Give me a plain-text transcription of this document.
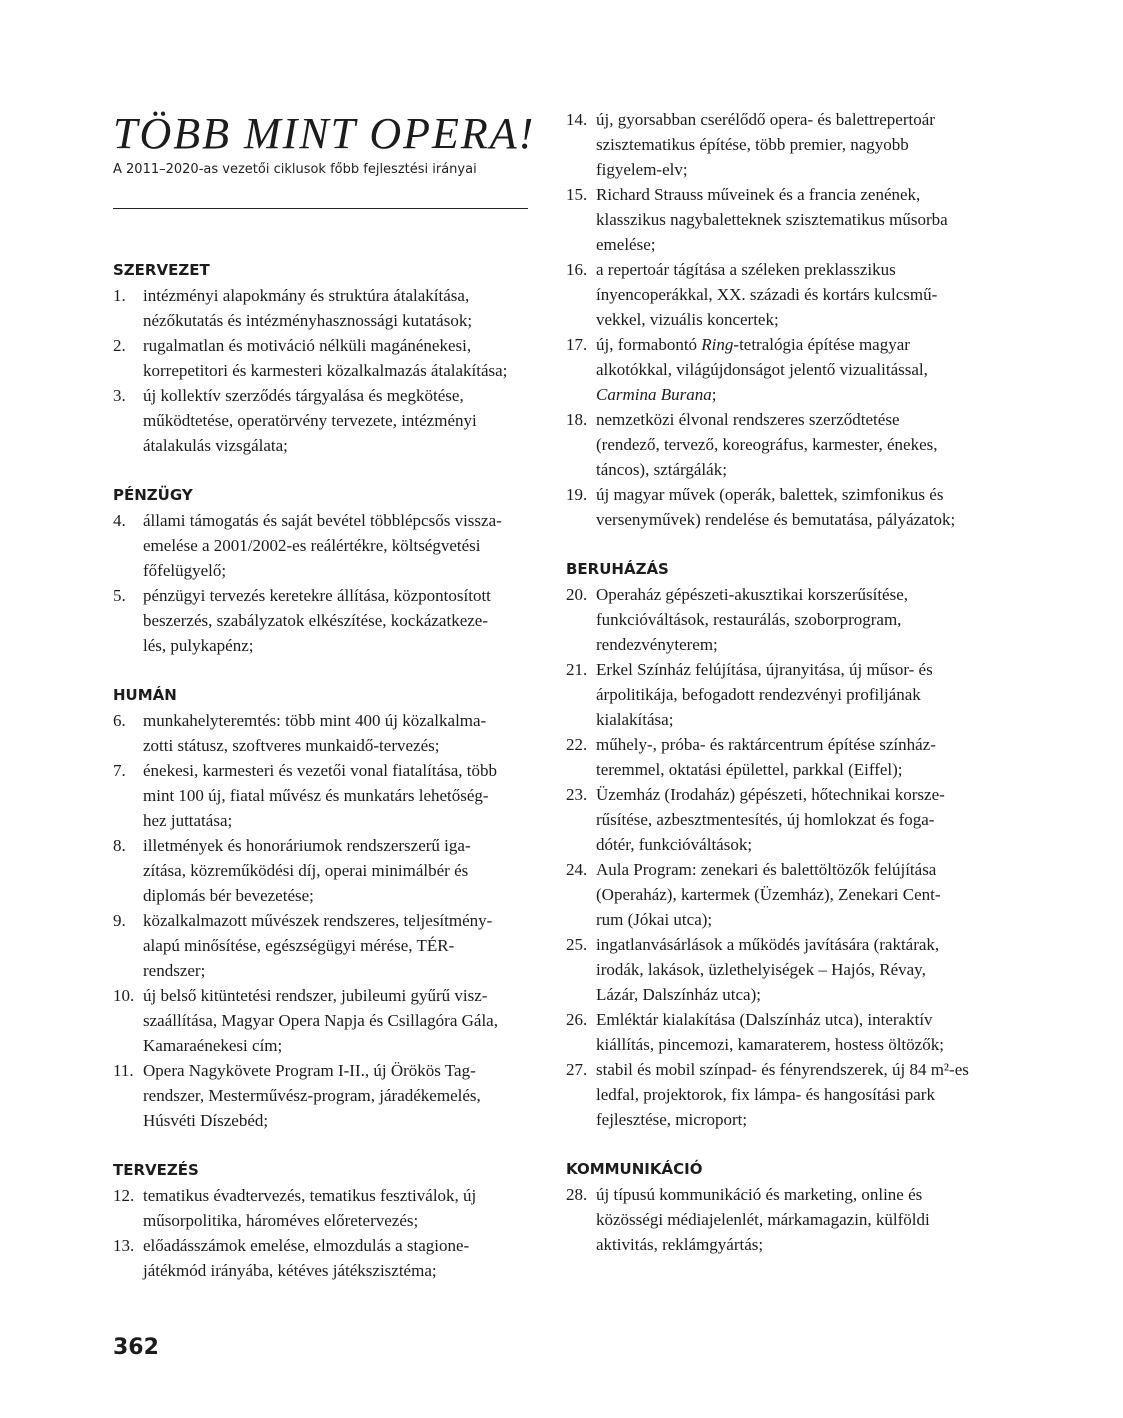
TÖBB MINT OPERA!

A 2011–2020-as vezetői ciklusok főbb fejlesztési irányai

SZERVEZET
1. intézményi alapokmány és struktúra átalakítása,
nézőkutatás és intézményhasznossági kutatások;
2. rugalmatlan és motiváció nélküli magánénekesi,
korrepetitori és karmesteri közalkalmazás átalakítása;
3. új kollektív szerződés tárgyalása és megkötése,
működtetése, operatörvény tervezete, intézményi
átalakulás vizsgálata;
PÉNZÜGY
4. állami támogatás és saját bevétel többlépcsős vissza-
emelése a 2001/2002-es reálértékre, költségvetési
főfelügyelő;
5. pénzügyi tervezés keretekre állítása, központosított
beszerzés, szabályzatok elkészítése, kockázatkeze-
lés, pulykapénz;
HUMÁN
6. munkahelyteremtés: több mint 400 új közalkalma-
zotti státusz, szoftveres munkaidő-tervezés;
7. énekesi, karmesteri és vezetői vonal fiatalítása, több
mint 100 új, fiatal művész és munkatárs lehetőség-
hez juttatása;
8. illetmények és honoráriumok rendszerszerű iga-
zítása, közreműködési díj, operai minimálbér és
diplomás bér bevezetése;
9. közalkalmazott művészek rendszeres, teljesítmény-
alapú minősítése, egészségügyi mérése, TÉR-
rendszer;
10. új belső kitüntetési rendszer, jubileumi gyűrű visz-
szaállítása, Magyar Opera Napja és Csillagóra Gála,
Kamaraénekesi cím;
11. Opera Nagykövete Program I-II., új Örökös Tag-
rendszer, Mesterművész-program, járadékemelés,
Húsvéti Díszebéd;
TERVEZÉS
12. tematikus évadtervezés, tematikus fesztiválok, új
műsorpolitika, hároméves előretervezés;
13. előadásszámok emelése, elmozdulás a stagione-
játékmód irányába, kétéves játékszisztéma;
14. új, gyorsabban cserélődő opera- és balettrepertoár
szisztematikus építése, több premier, nagyobb
figyelem-elv;
15. Richard Strauss műveinek és a francia zenének,
klasszikus nagybaletteknek szisztematikus műsorba
emelése;
16. a repertoár tágítása a széleken preklasszikus
ínyencoperákkal, XX. századi és kortárs kulcsmű-
vekkel, vizuális koncertek;
17. új, formabontó Ring-tetralógia építése magyar
alkotókkal, világújdonságot jelentő vizualitással,
Carmina Burana;
18. nemzetközi élvonal rendszeres szerződtetése
(rendező, tervező, koreográfus, karmester, énekes,
táncos), sztárgálák;
19. új magyar művek (operák, balettek, szimfonikus és
versenyművek) rendelése és bemutatása, pályázatok;
BERUHÁZÁS
20. Operaház gépészeti-akusztikai korszerűsítése,
funkcióváltások, restaurálás, szoborprogram,
rendezvényterem;
21. Erkel Színház felújítása, újranyitása, új műsor- és
árpolitikája, befogadott rendezvényi profiljának
kialakítása;
22. műhely-, próba- és raktárcentrum építése színház-
teremmel, oktatási épülettel, parkkal (Eiffel);
23. Üzemház (Irodaház) gépészeti, hőtechnikai korsze-
rűsítése, azbesztmentesítés, új homlokzat és foga-
dótér, funkcióváltások;
24. Aula Program: zenekari és balettöltözők felújítása
(Operaház), kartermek (Üzemház), Zenekari Cent-
rum (Jókai utca);
25. ingatlanvásárlások a működés javítására (raktárak,
irodák, lakások, üzlethelyiségek – Hajós, Révay,
Lázár, Dalszínház utca);
26. Emléktár kialakítása (Dalszínház utca), interaktív
kiállítás, pincemozi, kamaraterem, hostess öltözők;
27. stabil és mobil színpad- és fényrendszerek, új 84 m²-es
ledfal, projektorok, fix lámpa- és hangosítási park
fejlesztése, microport;
KOMMUNIKÁCIÓ
28. új típusú kommunikáció és marketing, online és
közösségi médiajelenlét, márkamagazin, külföldi
aktivitás, reklámgyártás;

362
